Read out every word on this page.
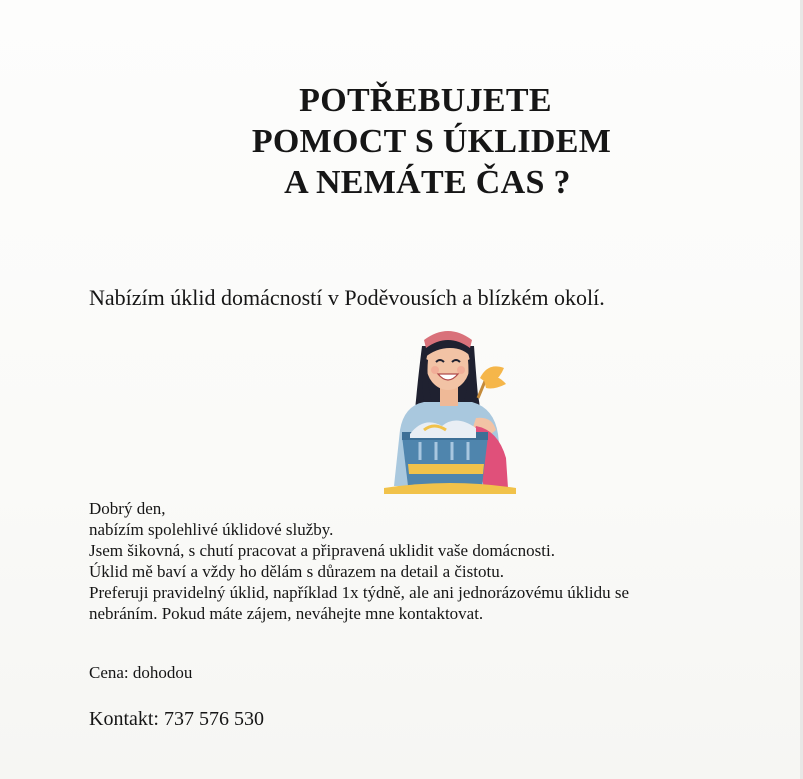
POTŘEBUJETE
POMOCT S ÚKLIDEM
A NEMÁTE ČAS ?
Nabízím úklid domácností v Poděvousích a blízkém okolí.
Dobrý den,
nabízím spolehlivé úklidové služby.
Jsem šikovná, s chutí pracovat a připravená uklidit vaše domácnosti.
Úklid mě baví a vždy ho dělám s důrazem na detail a čistotu.
Preferuji pravidelný úklid, například 1x týdně, ale ani jednorázovému úklidu se
nebráním. Pokud máte zájem, neváhejte mne kontaktovat.
Cena: dohodou
Kontakt: 737 576 530
